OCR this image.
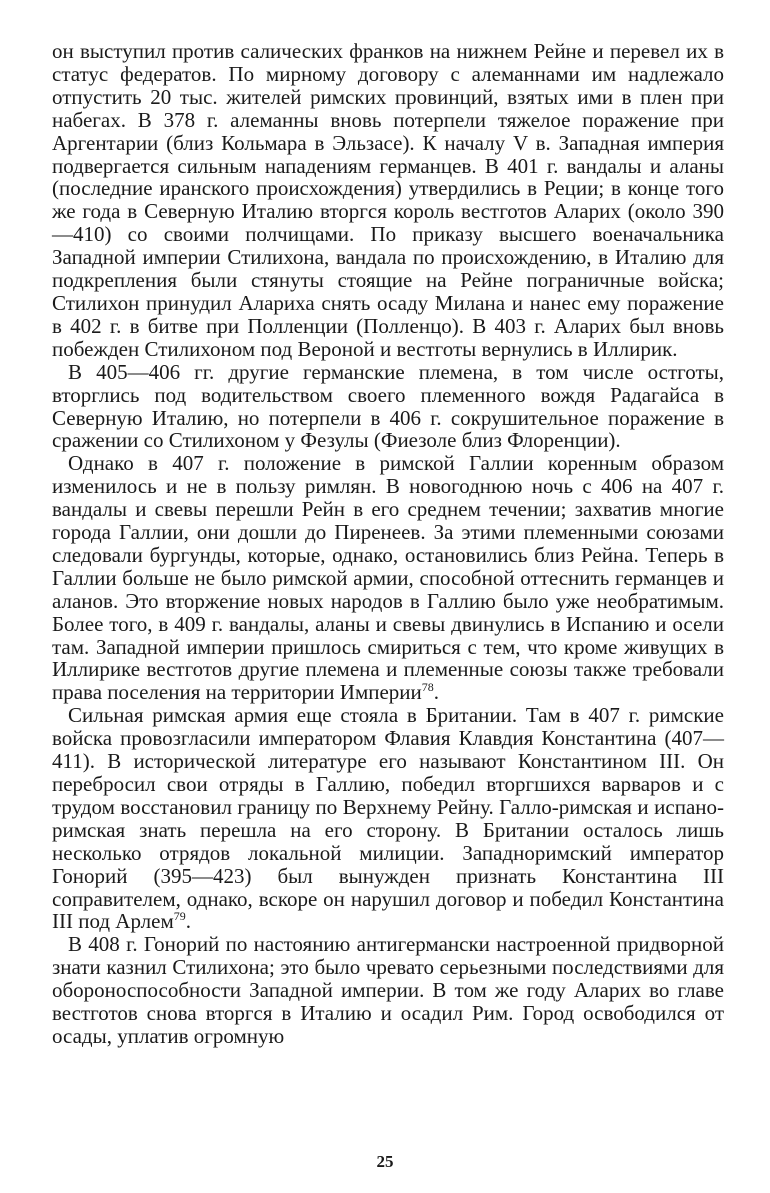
он выступил против салических франков на нижнем Рейне и перевел их в статус федератов. По мирному договору с алеманнами им надлежало отпустить 20 тыс. жителей римских провинций, взятых ими в плен при набегах. В 378 г. алеманны вновь потерпели тяжелое поражение при Аргентарии (близ Кольмара в Эльзасе). К началу V в. Западная империя подвергается сильным нападениям германцев. В 401 г. вандалы и аланы (последние иранского происхождения) утвердились в Реции; в конце того же года в Северную Италию вторгся король вестготов Аларих (около 390—410) со своими полчищами. По приказу высшего военачальника Западной империи Стилихона, вандала по происхождению, в Италию для подкрепления были стянуты стоящие на Рейне пограничные войска; Стилихон принудил Алариха снять осаду Милана и нанес ему поражение в 402 г. в битве при Полленции (Полленцо). В 403 г. Аларих был вновь побежден Стилихоном под Вероной и вестготы вернулись в Иллирик.

В 405—406 гг. другие германские племена, в том числе остготы, вторглись под водительством своего племенного вождя Радагайса в Северную Италию, но потерпели в 406 г. сокрушительное поражение в сражении со Стилихоном у Фезулы (Фиезоле близ Флоренции).

Однако в 407 г. положение в римской Галлии коренным образом изменилось и не в пользу римлян. В новогоднюю ночь с 406 на 407 г. вандалы и свевы перешли Рейн в его среднем течении; захватив многие города Галлии, они дошли до Пиренеев. За этими племенными союзами следовали бургунды, которые, однако, остановились близ Рейна. Теперь в Галлии больше не было римской армии, способной оттеснить германцев и аланов. Это вторжение новых народов в Галлию было уже необратимым. Более того, в 409 г. вандалы, аланы и свевы двинулись в Испанию и осели там. Западной империи пришлось смириться с тем, что кроме живущих в Иллирике вестготов другие племена и племенные союзы также требовали права поселения на территории Империи$^{78}$.

Сильная римская армия еще стояла в Британии. Там в 407 г. римские войска провозгласили императором Флавия Клавдия Константина (407—411). В исторической литературе его называют Константином III. Он перебросил свои отряды в Галлию, победил вторгшихся варваров и с трудом восстановил границу по Верхнему Рейну. Галло-римская и испано-римская знать перешла на его сторону. В Британии осталось лишь несколько отрядов локальной милиции. Западноримский император Гонорий (395—423) был вынужден признать Константина III соправителем, однако, вскоре он нарушил договор и победил Константина III под Арлем$^{79}$.

В 408 г. Гонорий по настоянию антигермански настроенной придворной знати казнил Стилихона; это было чревато серьезными последствиями для обороноспособности Западной империи. В том же году Аларих во главе вестготов снова вторгся в Италию и осадил Рим. Город освободился от осады, уплатив огромную

25
